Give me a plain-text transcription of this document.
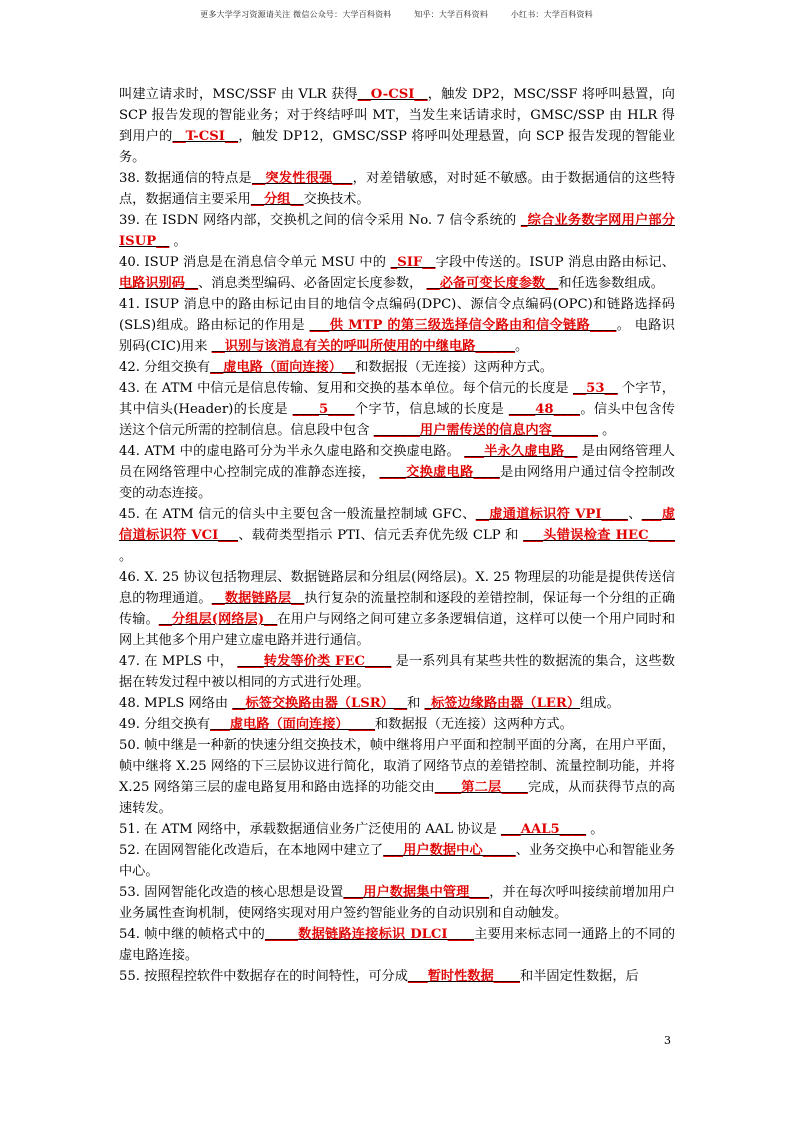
更多大学学习资源请关注 微信公众号：大学百科资料	知乎：大学百科资料	小红书：大学百科资料

叫建立请求时，MSC/SSF 由 VLR 获得__O-CSI__，触发 DP2，MSC/SSF 将呼叫悬置，向 SCP 报告发现的智能业务；对于终结呼叫 MT，当发生来话请求时，GMSC/SSP 由 HLR 得到用户的__T-CSI__，触发 DP12，GMSC/SSP 将呼叫处理悬置，向 SCP 报告发现的智能业务。

38. 数据通信的特点是__突发性很强___，对差错敏感，对时延不敏感。由于数据通信的这些特点，数据通信主要采用__分组__交换技术。

39. 在 ISDN 网络内部，交换机之间的信令采用 No. 7 信令系统的 _综合业务数字网用户部分 ISUP__ 。

40. ISUP 消息是在消息信令单元 MSU 中的 _SIF__字段中传送的。ISUP 消息由路由标记、电路识别码__、消息类型编码、必备固定长度参数， __必备可变长度参数__和任选参数组成。

41. ISUP 消息中的路由标记由目的地信令点编码(DPC)、源信令点编码(OPC)和链路选择码(SLS)组成。路由标记的作用是 ___供 MTP 的第三级选择信令路由和信令链路____。 电路识别码(CIC)用来 __识别与该消息有关的呼叫所使用的中继电路______。

42. 分组交换有__虚电路（面向连接）__和数据报（无连接）这两种方式。

43. 在 ATM 中信元是信息传输、复用和交换的基本单位。每个信元的长度是 __53__ 个字节，其中信头(Header)的长度是 ____5____个字节，信息域的长度是 ____48____。信头中包含传送这个信元所需的控制信息。信息段中包含 _______用户需传送的信息内容_______ 。

44. ATM 中的虚电路可分为半永久虚电路和交换虚电路。 ___半永久虚电路__ 是由网络管理人员在网络管理中心控制完成的准静态连接， ____交换虚电路____是由网络用户通过信令控制改变的动态连接。

45. 在 ATM 信元的信头中主要包含一般流量控制域 GFC、__虚通道标识符 VPI____、___虚信道标识符 VCI___、载荷类型指示 PTI、信元丢弃优先级 CLP 和 ___头错误检查 HEC____ 。

46. X. 25 协议包括物理层、数据链路层和分组层(网络层)。X. 25 物理层的功能是提供传送信息的物理通道。__数据链路层__执行复杂的流量控制和逐段的差错控制，保证每一个分组的正确传输。__分组层(网络层)__在用户与网络之间可建立多条逻辑信道，这样可以使一个用户同时和网上其他多个用户建立虚电路并进行通信。

47. 在 MPLS 中， ____转发等价类 FEC____ 是一系列具有某些共性的数据流的集合，这些数据在转发过程中被以相同的方式进行处理。

48. MPLS 网络由 __标签交换路由器（LSR）__和 _标签边缘路由器（LER）组成。

49. 分组交换有___虚电路（面向连接）____和数据报（无连接）这两种方式。

50. 帧中继是一种新的快速分组交换技术，帧中继将用户平面和控制平面的分离，在用户平面，帧中继将 X.25 网络的下三层协议进行简化，取消了网络节点的差错控制、流量控制功能，并将 X.25 网络第三层的虚电路复用和路由选择的功能交由____第二层____完成，从而获得节点的高速转发。

51. 在 ATM 网络中，承载数据通信业务广泛使用的 AAL 协议是 ___AAL5____ 。

52. 在固网智能化改造后，在本地网中建立了___用户数据中心_____、业务交换中心和智能业务中心。

53. 固网智能化改造的核心思想是设置___用户数据集中管理___，并在每次呼叫接续前增加用户业务属性查询机制，使网络实现对用户签约智能业务的自动识别和自动触发。

54. 帧中继的帧格式中的_____数据链路连接标识 DLCI____主要用来标志同一通路上的不同的虚电路连接。

55. 按照程控软件中数据存在的时间特性，可分成___暂时性数据____和半固定性数据，后

3
